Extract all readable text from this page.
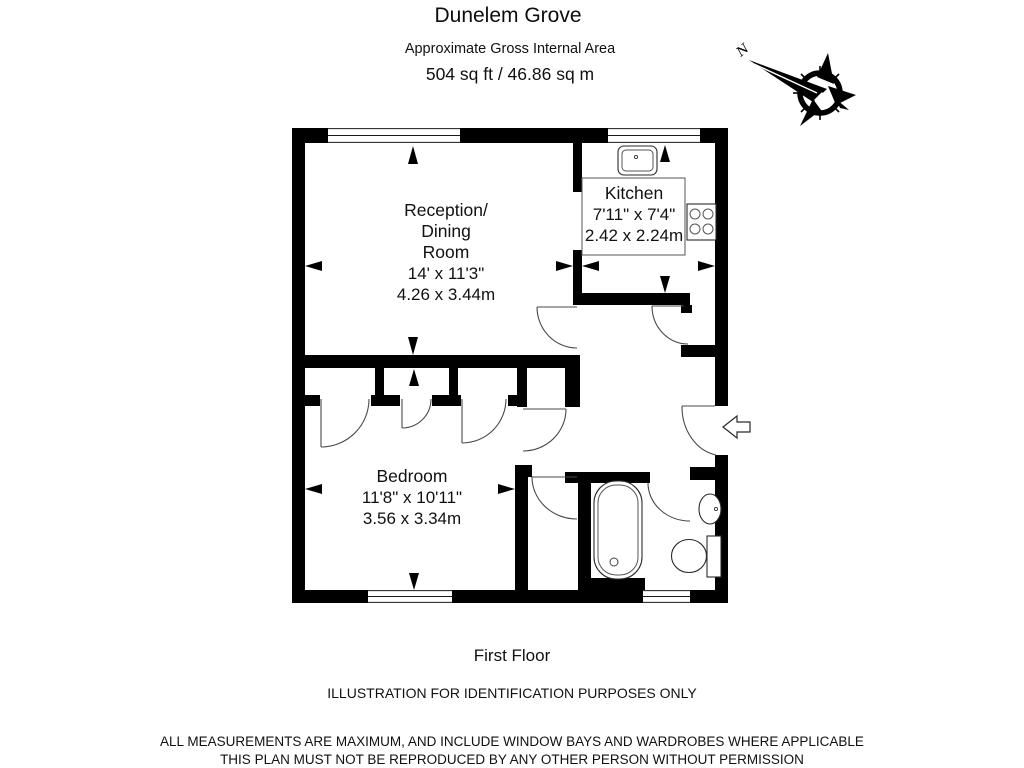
Dunelem Grove
Approximate Gross Internal Area
504 sq ft / 46.86 sq m
N
Reception/
Dining
Room
14' x 11'3"
4.26 x 3.44m
Kitchen
7'11" x 7'4"
2.42 x 2.24m
Bedroom
11'8" x 10'11"
3.56 x 3.34m
First Floor
ILLUSTRATION FOR IDENTIFICATION PURPOSES ONLY
ALL MEASUREMENTS ARE MAXIMUM, AND INCLUDE WINDOW BAYS AND WARDROBES WHERE APPLICABLE
THIS PLAN MUST NOT BE REPRODUCED BY ANY OTHER PERSON WITHOUT PERMISSION
